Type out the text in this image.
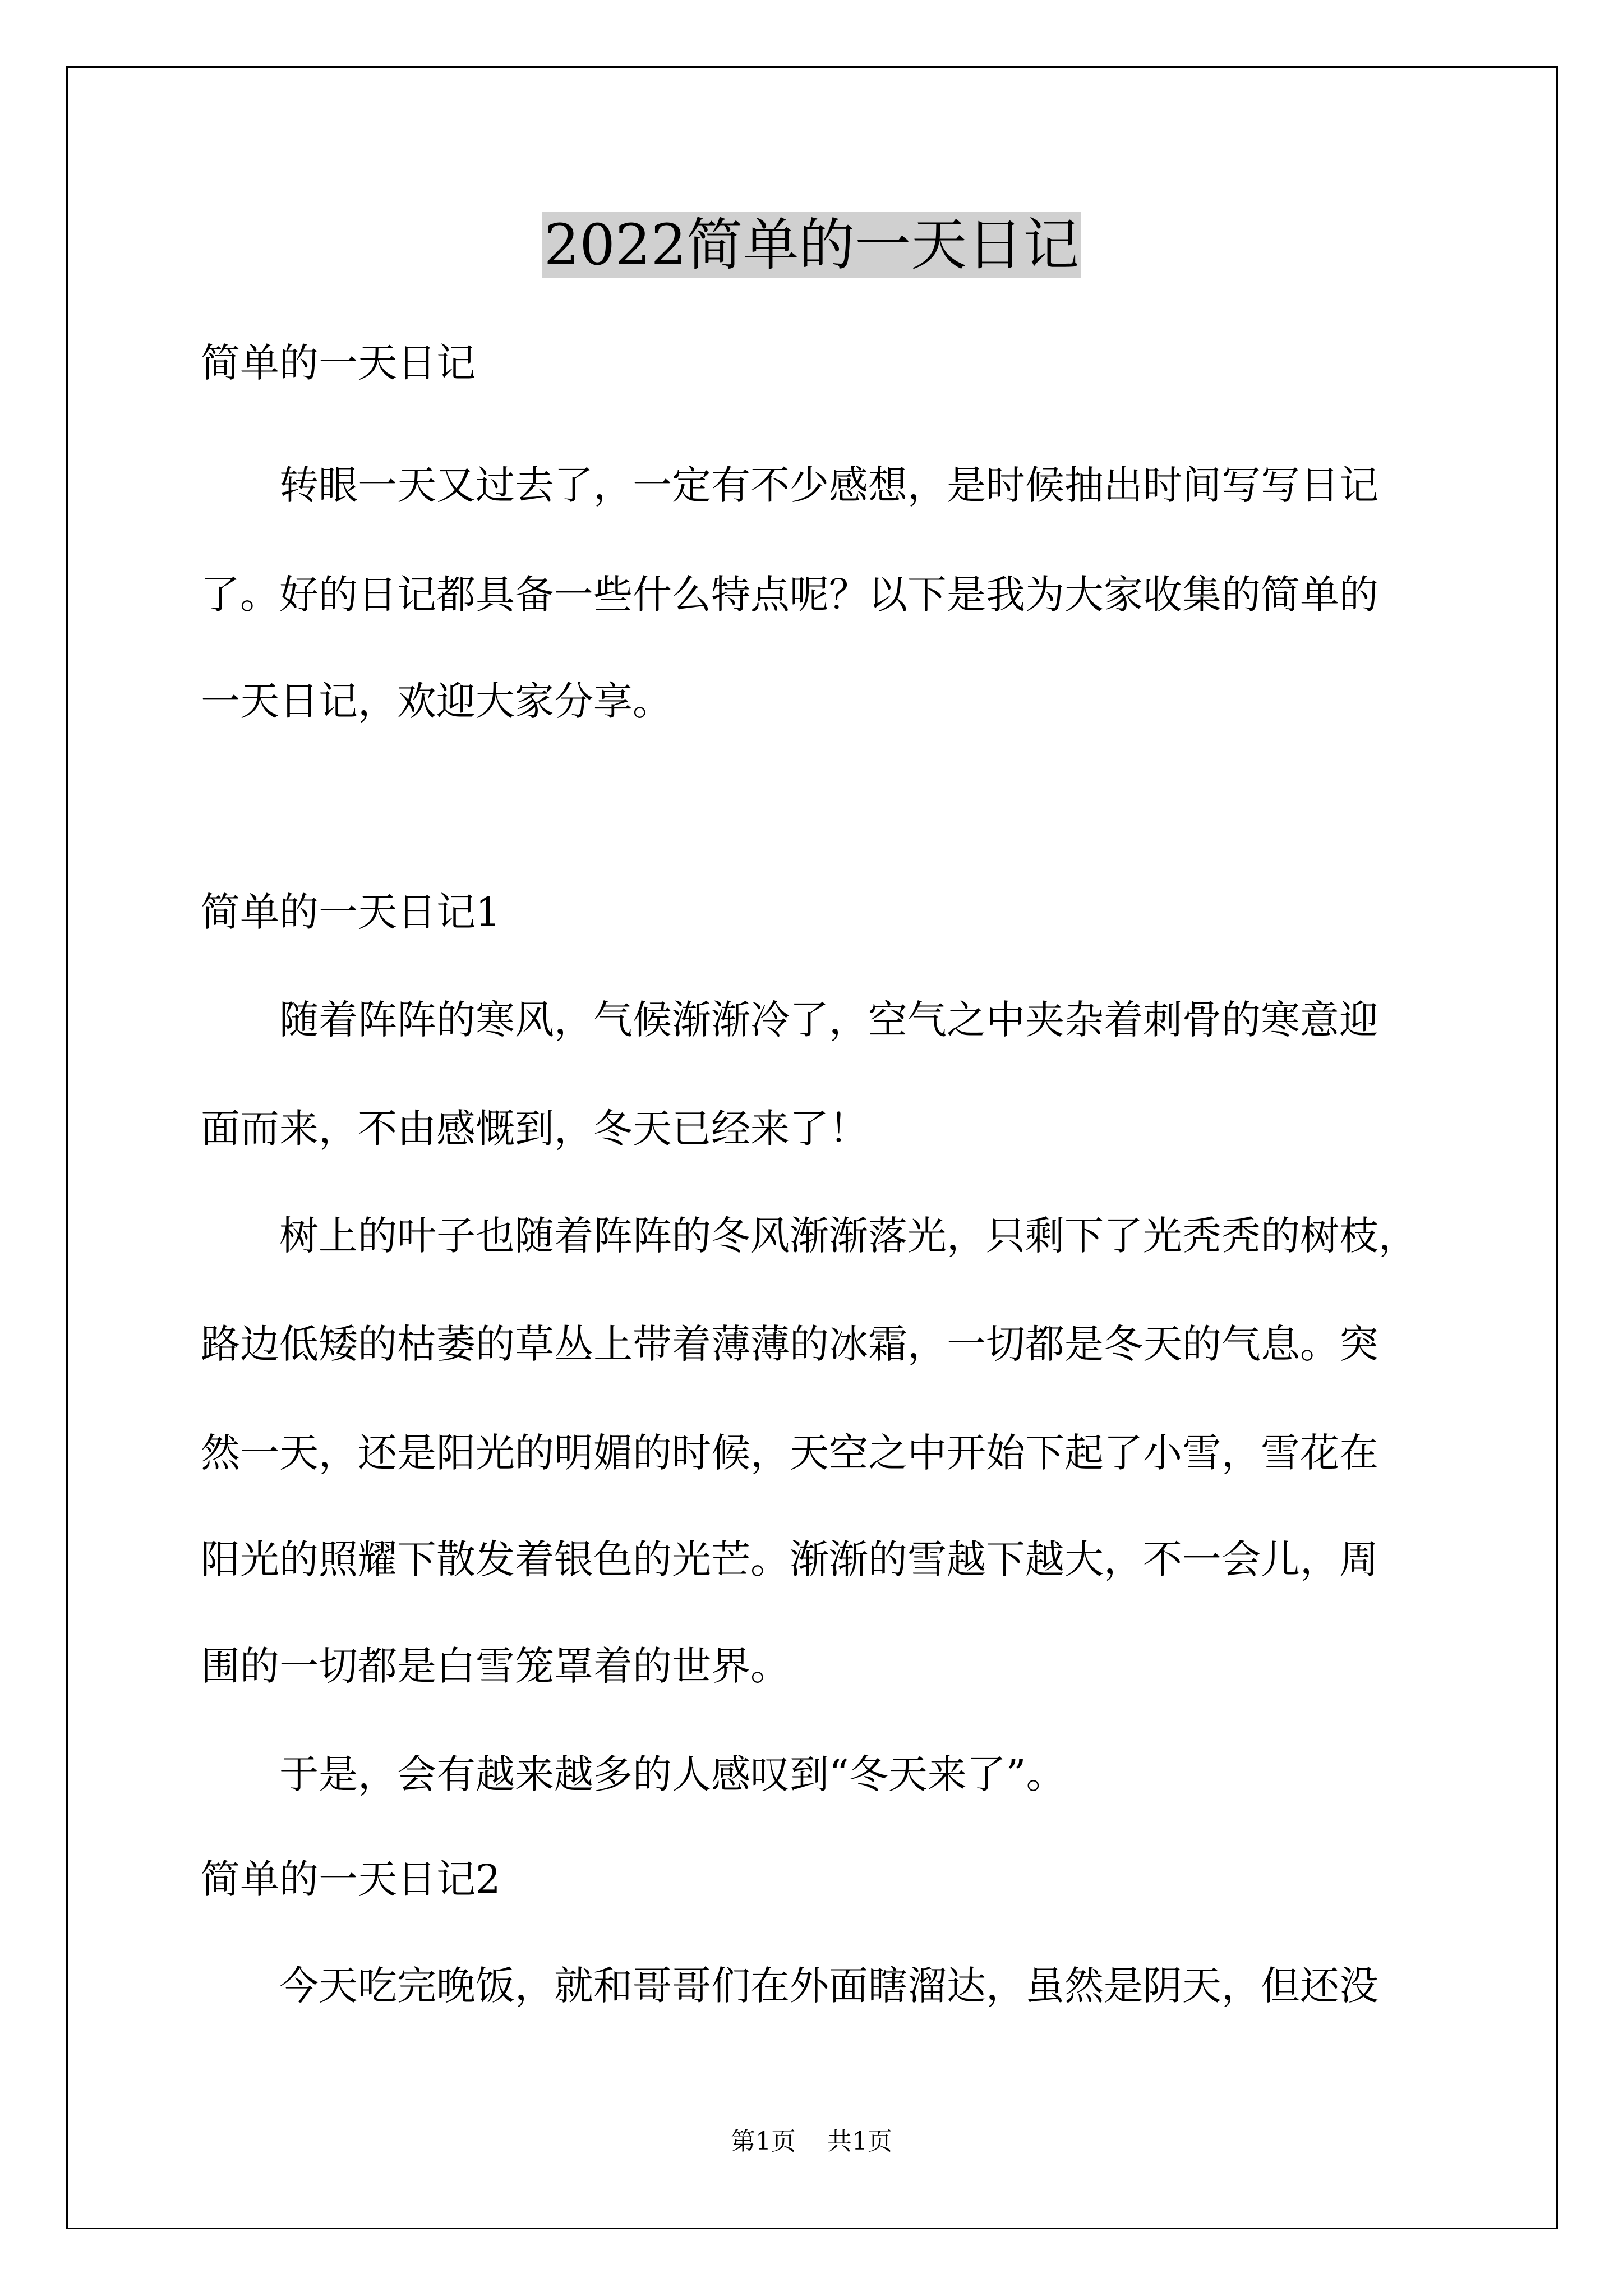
2022简单的一天日记

简单的一天日记

转眼一天又过去了，一定有不少感想，是时候抽出时间写写日记

了。好的日记都具备一些什么特点呢？以下是我为大家收集的简单的

一天日记，欢迎大家分享。

简单的一天日记1

随着阵阵的寒风，气候渐渐冷了，空气之中夹杂着刺骨的寒意迎

面而来，不由感慨到，冬天已经来了！

树上的叶子也随着阵阵的冬风渐渐落光，只剩下了光秃秃的树枝，

路边低矮的枯萎的草丛上带着薄薄的冰霜，一切都是冬天的气息。突

然一天，还是阳光的明媚的时候，天空之中开始下起了小雪，雪花在

阳光的照耀下散发着银色的光芒。渐渐的雪越下越大，不一会儿，周

围的一切都是白雪笼罩着的世界。

于是，会有越来越多的人感叹到“冬天来了”。

简单的一天日记2

今天吃完晚饭，就和哥哥们在外面瞎溜达，虽然是阴天，但还没

第1页 共1页
